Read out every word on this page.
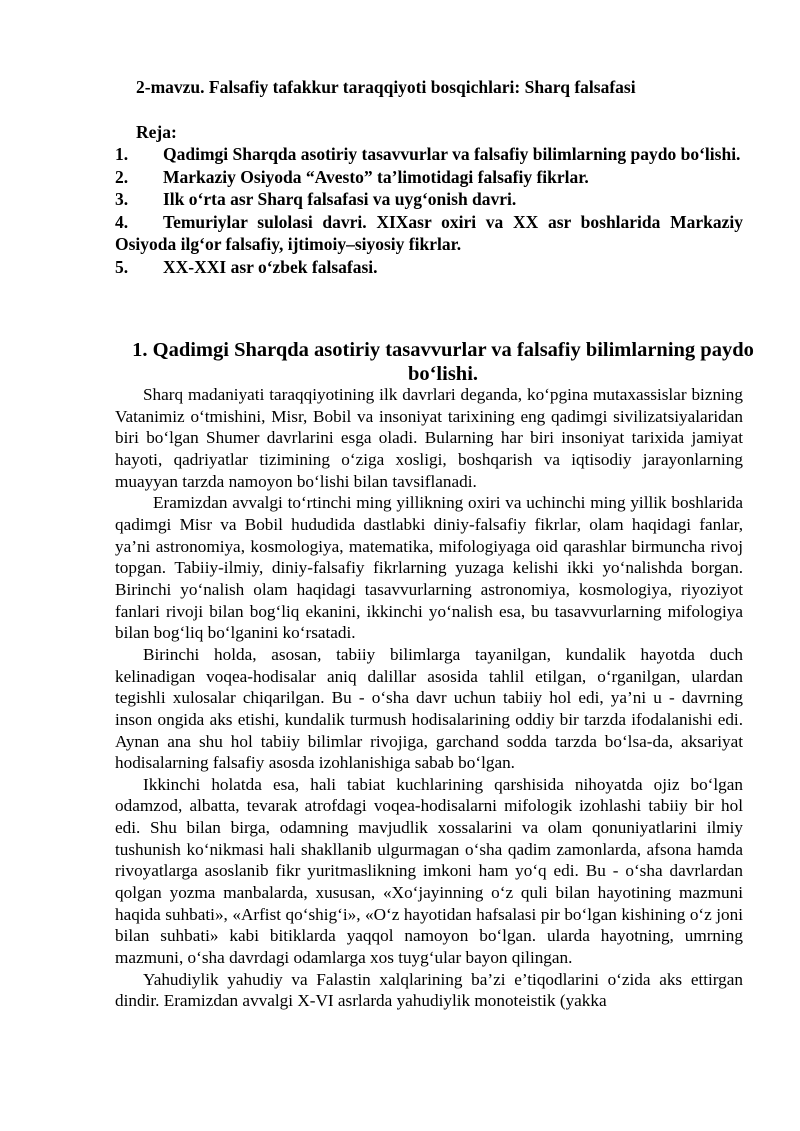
2-mavzu. Falsafiy tafakkur taraqqiyoti bosqichlari: Sharq falsafasi
Reja:
1. Qadimgi Sharqda asotiriy tasavvurlar va falsafiy bilimlarning paydo bo‘lishi.
2. Markaziy Osiyoda “Avesto” ta’limotidagi falsafiy fikrlar.
3. Ilk o‘rta asr Sharq falsafasi va uyg‘onish davri.
4. Temuriylar sulolasi davri. XIXasr oxiri va XX asr boshlarida Markaziy Osiyoda ilg‘or falsafiy, ijtimoiy–siyosiy fikrlar.
5. XX-XXI asr o‘zbek falsafasi.
1. Qadimgi Sharqda asotiriy tasavvurlar va falsafiy bilimlarning paydo bo‘lishi.

Sharq madaniyati taraqqiyotining ilk davrlari deganda, ko‘pgina mutaxassislar bizning Vatanimiz o‘tmishini, Misr, Bobil va insoniyat tarixining eng qadimgi sivilizatsiyalaridan biri bo‘lgan Shumer davrlarini esga oladi. Bularning har biri insoniyat tarixida jamiyat hayoti, qadriyatlar tizimining o‘ziga xosligi, boshqarish va iqtisodiy jarayonlarning muayyan tarzda namoyon bo‘lishi bilan tavsiflanadi.

Eramizdan avvalgi to‘rtinchi ming yillikning oxiri va uchinchi ming yillik boshlarida qadimgi Misr va Bobil hududida dastlabki diniy-falsafiy fikrlar, olam haqidagi fanlar, ya’ni astronomiya, kosmologiya, matematika, mifologiyaga oid qarashlar birmuncha rivoj topgan. Tabiiy-ilmiy, diniy-falsafiy fikrlarning yuzaga kelishi ikki yo‘nalishda borgan. Birinchi yo‘nalish olam haqidagi tasavvurlarning astronomiya, kosmologiya, riyoziyot fanlari rivoji bilan bog‘liq ekanini, ikkinchi yo‘nalish esa, bu tasavvurlarning mifologiya bilan bog‘liq bo‘lganini ko‘rsatadi.

Birinchi holda, asosan, tabiiy bilimlarga tayanilgan, kundalik hayotda duch kelinadigan voqea-hodisalar aniq dalillar asosida tahlil etilgan, o‘rganilgan, ulardan tegishli xulosalar chiqarilgan. Bu - o‘sha davr uchun tabiiy hol edi, ya’ni u - davrning inson ongida aks etishi, kundalik turmush hodisalarining oddiy bir tarzda ifodalanishi edi. Aynan ana shu hol tabiiy bilimlar rivojiga, garchand sodda tarzda bo‘lsa-da, aksariyat hodisalarning falsafiy asosda izohlanishiga sabab bo‘lgan.

Ikkinchi holatda esa, hali tabiat kuchlarining qarshisida nihoyatda ojiz bo‘lgan odamzod, albatta, tevarak atrofdagi voqea-hodisalarni mifologik izohlashi tabiiy bir hol edi. Shu bilan birga, odamning mavjudlik xossalarini va olam qonuniyatlarini ilmiy tushunish ko‘nikmasi hali shakllanib ulgurmagan o‘sha qadim zamonlarda, afsona hamda rivoyatlarga asoslanib fikr yuritmaslikning imkoni ham yo‘q edi. Bu - o‘sha davrlardan qolgan yozma manbalarda, xususan, «Xo‘jayinning o‘z quli bilan hayotining mazmuni haqida suhbati», «Arfist qo‘shig‘i», «O‘z hayotidan hafsalasi pir bo‘lgan kishining o‘z joni bilan suhbati» kabi bitiklarda yaqqol namoyon bo‘lgan. ularda hayotning, umrning mazmuni, o‘sha davrdagi odamlarga xos tuyg‘ular bayon qilingan.

Yahudiylik yahudiy va Falastin xalqlarining ba’zi e’tiqodlarini o‘zida aks ettirgan dindir. Eramizdan avvalgi X-VI asrlarda yahudiylik monoteistik (yakka
